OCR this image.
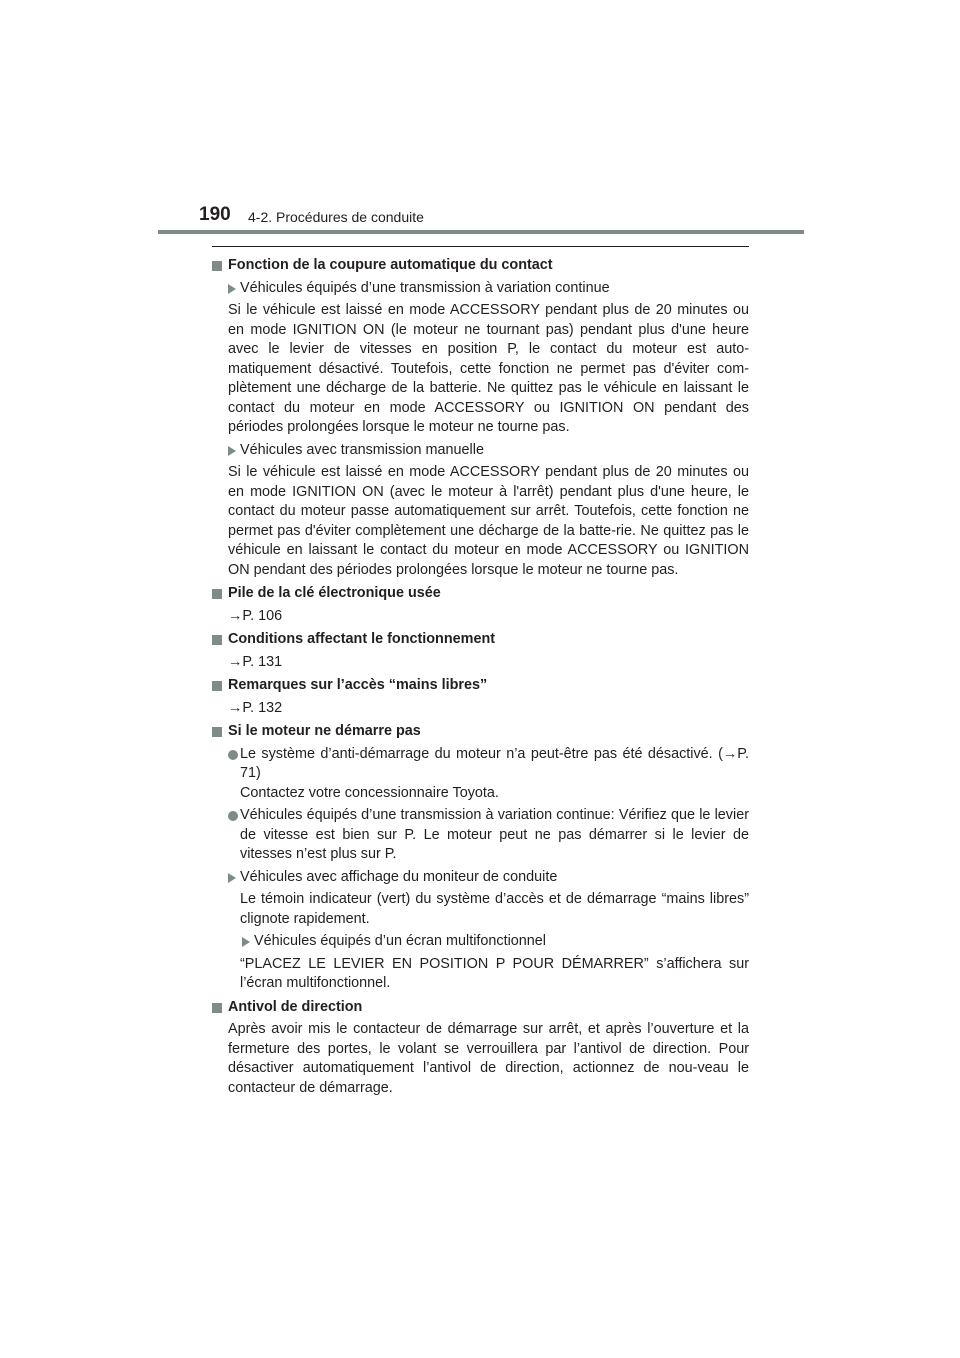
190 4-2. Procédures de conduite
Fonction de la coupure automatique du contact
Véhicules équipés d’une transmission à variation continue
Si le véhicule est laissé en mode ACCESSORY pendant plus de 20 minutes ou en mode IGNITION ON (le moteur ne tournant pas) pendant plus d'une heure avec le levier de vitesses en position P, le contact du moteur est auto-matiquement désactivé. Toutefois, cette fonction ne permet pas d'éviter com-plètement une décharge de la batterie. Ne quittez pas le véhicule en laissant le contact du moteur en mode ACCESSORY ou IGNITION ON pendant des périodes prolongées lorsque le moteur ne tourne pas.
Véhicules avec transmission manuelle
Si le véhicule est laissé en mode ACCESSORY pendant plus de 20 minutes ou en mode IGNITION ON (avec le moteur à l'arrêt) pendant plus d'une heure, le contact du moteur passe automatiquement sur arrêt. Toutefois, cette fonction ne permet pas d'éviter complètement une décharge de la batte-rie. Ne quittez pas le véhicule en laissant le contact du moteur en mode ACCESSORY ou IGNITION ON pendant des périodes prolongées lorsque le moteur ne tourne pas.
Pile de la clé électronique usée
→P. 106
Conditions affectant le fonctionnement
→P. 131
Remarques sur l’accès “mains libres”
→P. 132
Si le moteur ne démarre pas
Le système d’anti-démarrage du moteur n’a peut-être pas été désactivé. (→P. 71)
Contactez votre concessionnaire Toyota.
Véhicules équipés d’une transmission à variation continue: Vérifiez que le levier de vitesse est bien sur P. Le moteur peut ne pas démarrer si le levier de vitesses n’est plus sur P.
Véhicules avec affichage du moniteur de conduite
Le témoin indicateur (vert) du système d’accès et de démarrage “mains libres” clignote rapidement.
Véhicules équipés d’un écran multifonctionnel
“PLACEZ LE LEVIER EN POSITION P POUR DÉMARRER” s’affichera sur l’écran multifonctionnel.
Antivol de direction
Après avoir mis le contacteur de démarrage sur arrêt, et après l’ouverture et la fermeture des portes, le volant se verrouillera par l’antivol de direction. Pour désactiver automatiquement l’antivol de direction, actionnez de nou-veau le contacteur de démarrage.
